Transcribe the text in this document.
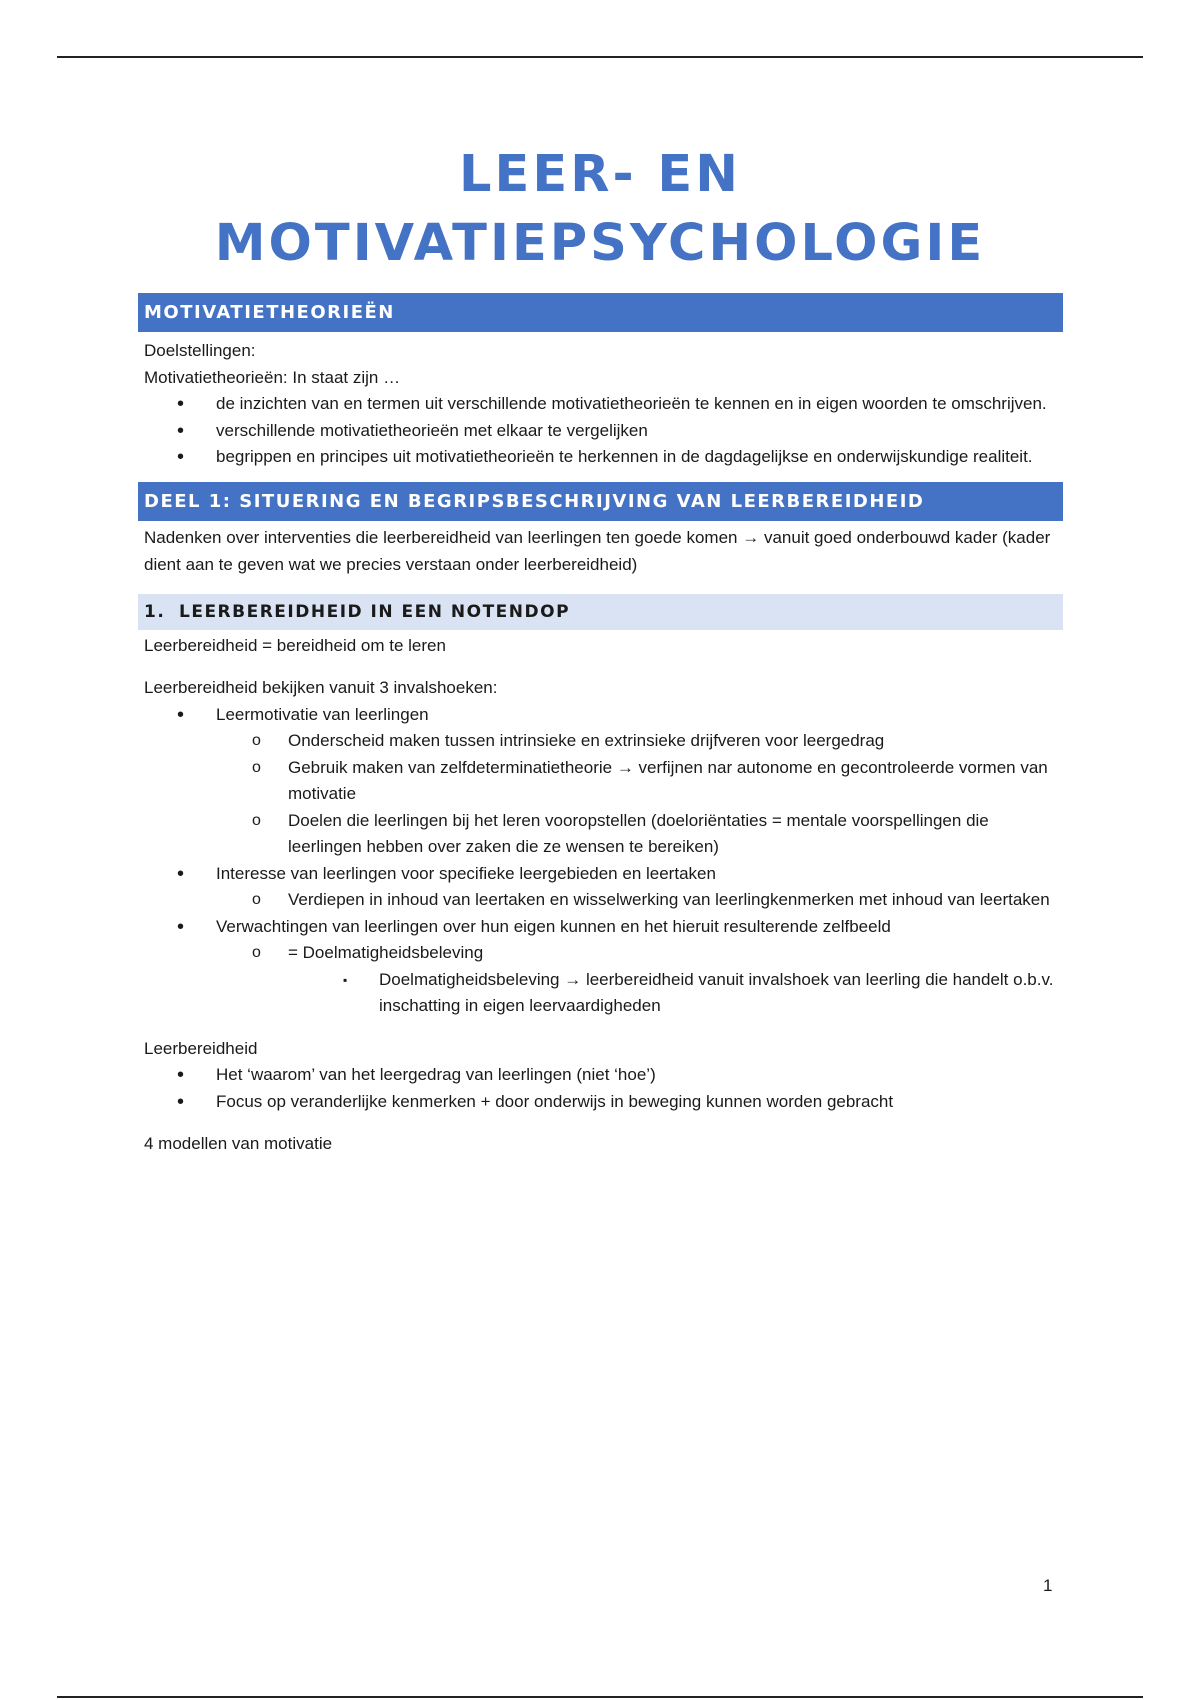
LEER- EN
MOTIVATIEPSYCHOLOGIE
MOTIVATIETHEORIEËN

Doelstellingen:

Motivatietheorieën: In staat zijn …

• de inzichten van en termen uit verschillende motivatietheorieën te kennen en in eigen woorden te omschrijven.
• verschillende motivatietheorieën met elkaar te vergelijken
• begrippen en principes uit motivatietheorieën te herkennen in de dagdagelijkse en onderwijskundige realiteit.
DEEL 1: SITUERING EN BEGRIPSBESCHRIJVING VAN LEERBEREIDHEID

Nadenken over interventies die leerbereidheid van leerlingen ten goede komen → vanuit goed onderbouwd kader (kader dient aan te geven wat we precies verstaan onder leerbereidheid)

1. LEERBEREIDHEID IN EEN NOTENDOP

Leerbereidheid = bereidheid om te leren

Leerbereidheid bekijken vanuit 3 invalshoeken:

• Leermotivatie van leerlingen
o Onderscheid maken tussen intrinsieke en extrinsieke drijfveren voor leergedrag
o Gebruik maken van zelfdeterminatietheorie → verfijnen nar autonome en gecontroleerde vormen van motivatie
o Doelen die leerlingen bij het leren vooropstellen (doeloriëntaties = mentale voorspellingen die leerlingen hebben over zaken die ze wensen te bereiken)
• Interesse van leerlingen voor specifieke leergebieden en leertaken
o Verdiepen in inhoud van leertaken en wisselwerking van leerlingkenmerken met inhoud van leertaken
• Verwachtingen van leerlingen over hun eigen kunnen en het hieruit resulterende zelfbeeld
o = Doelmatigheidsbeleving
▪ Doelmatigheidsbeleving → leerbereidheid vanuit invalshoek van leerling die handelt o.b.v. inschatting in eigen leervaardigheden

Leerbereidheid

• Het ‘waarom’ van het leergedrag van leerlingen (niet ‘hoe’)
• Focus op veranderlijke kenmerken + door onderwijs in beweging kunnen worden gebracht

4 modellen van motivatie

1
